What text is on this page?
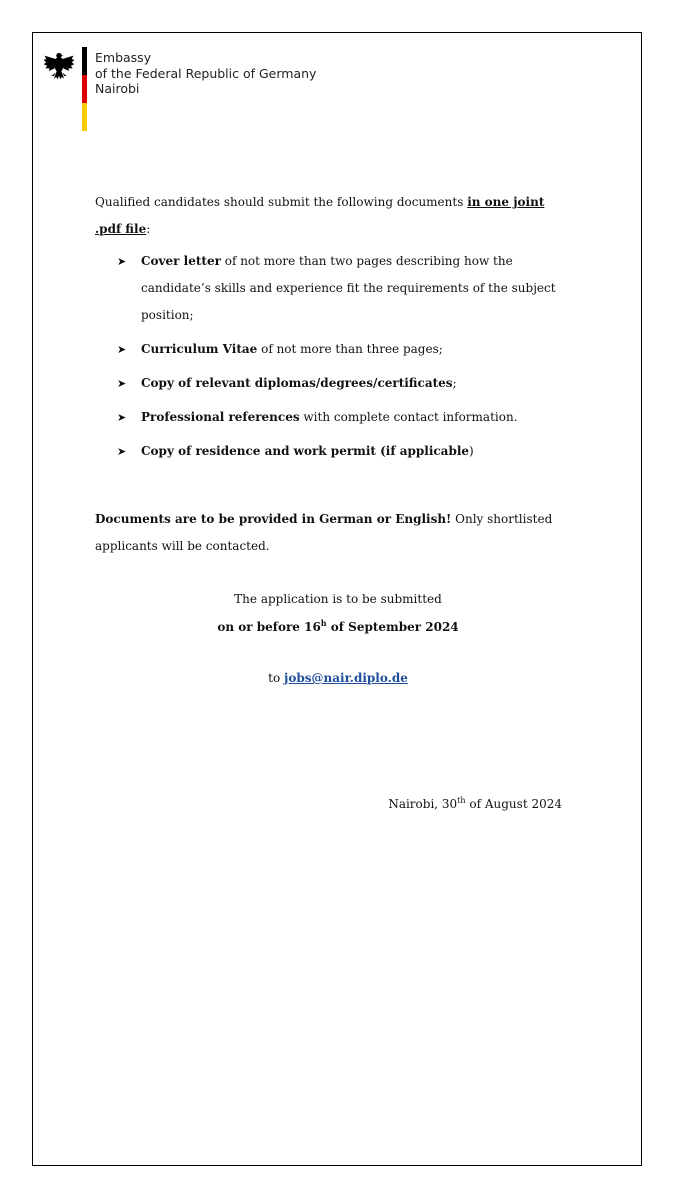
Embassy
of the Federal Republic of Germany
Nairobi
Qualified candidates should submit the following documents in one joint .pdf file:
➤ Cover letter of not more than two pages describing how the candidate’s skills and experience fit the requirements of the subject position;
➤ Curriculum Vitae of not more than three pages;
➤ Copy of relevant diplomas/degrees/certificates;
➤ Professional references with complete contact information.
➤ Copy of residence and work permit (if applicable)
Documents are to be provided in German or English! Only shortlisted applicants will be contacted.
The application is to be submitted
on or before 16$^h$ of September 2024
to jobs@nair.diplo.de
Nairobi, 30th of August 2024
